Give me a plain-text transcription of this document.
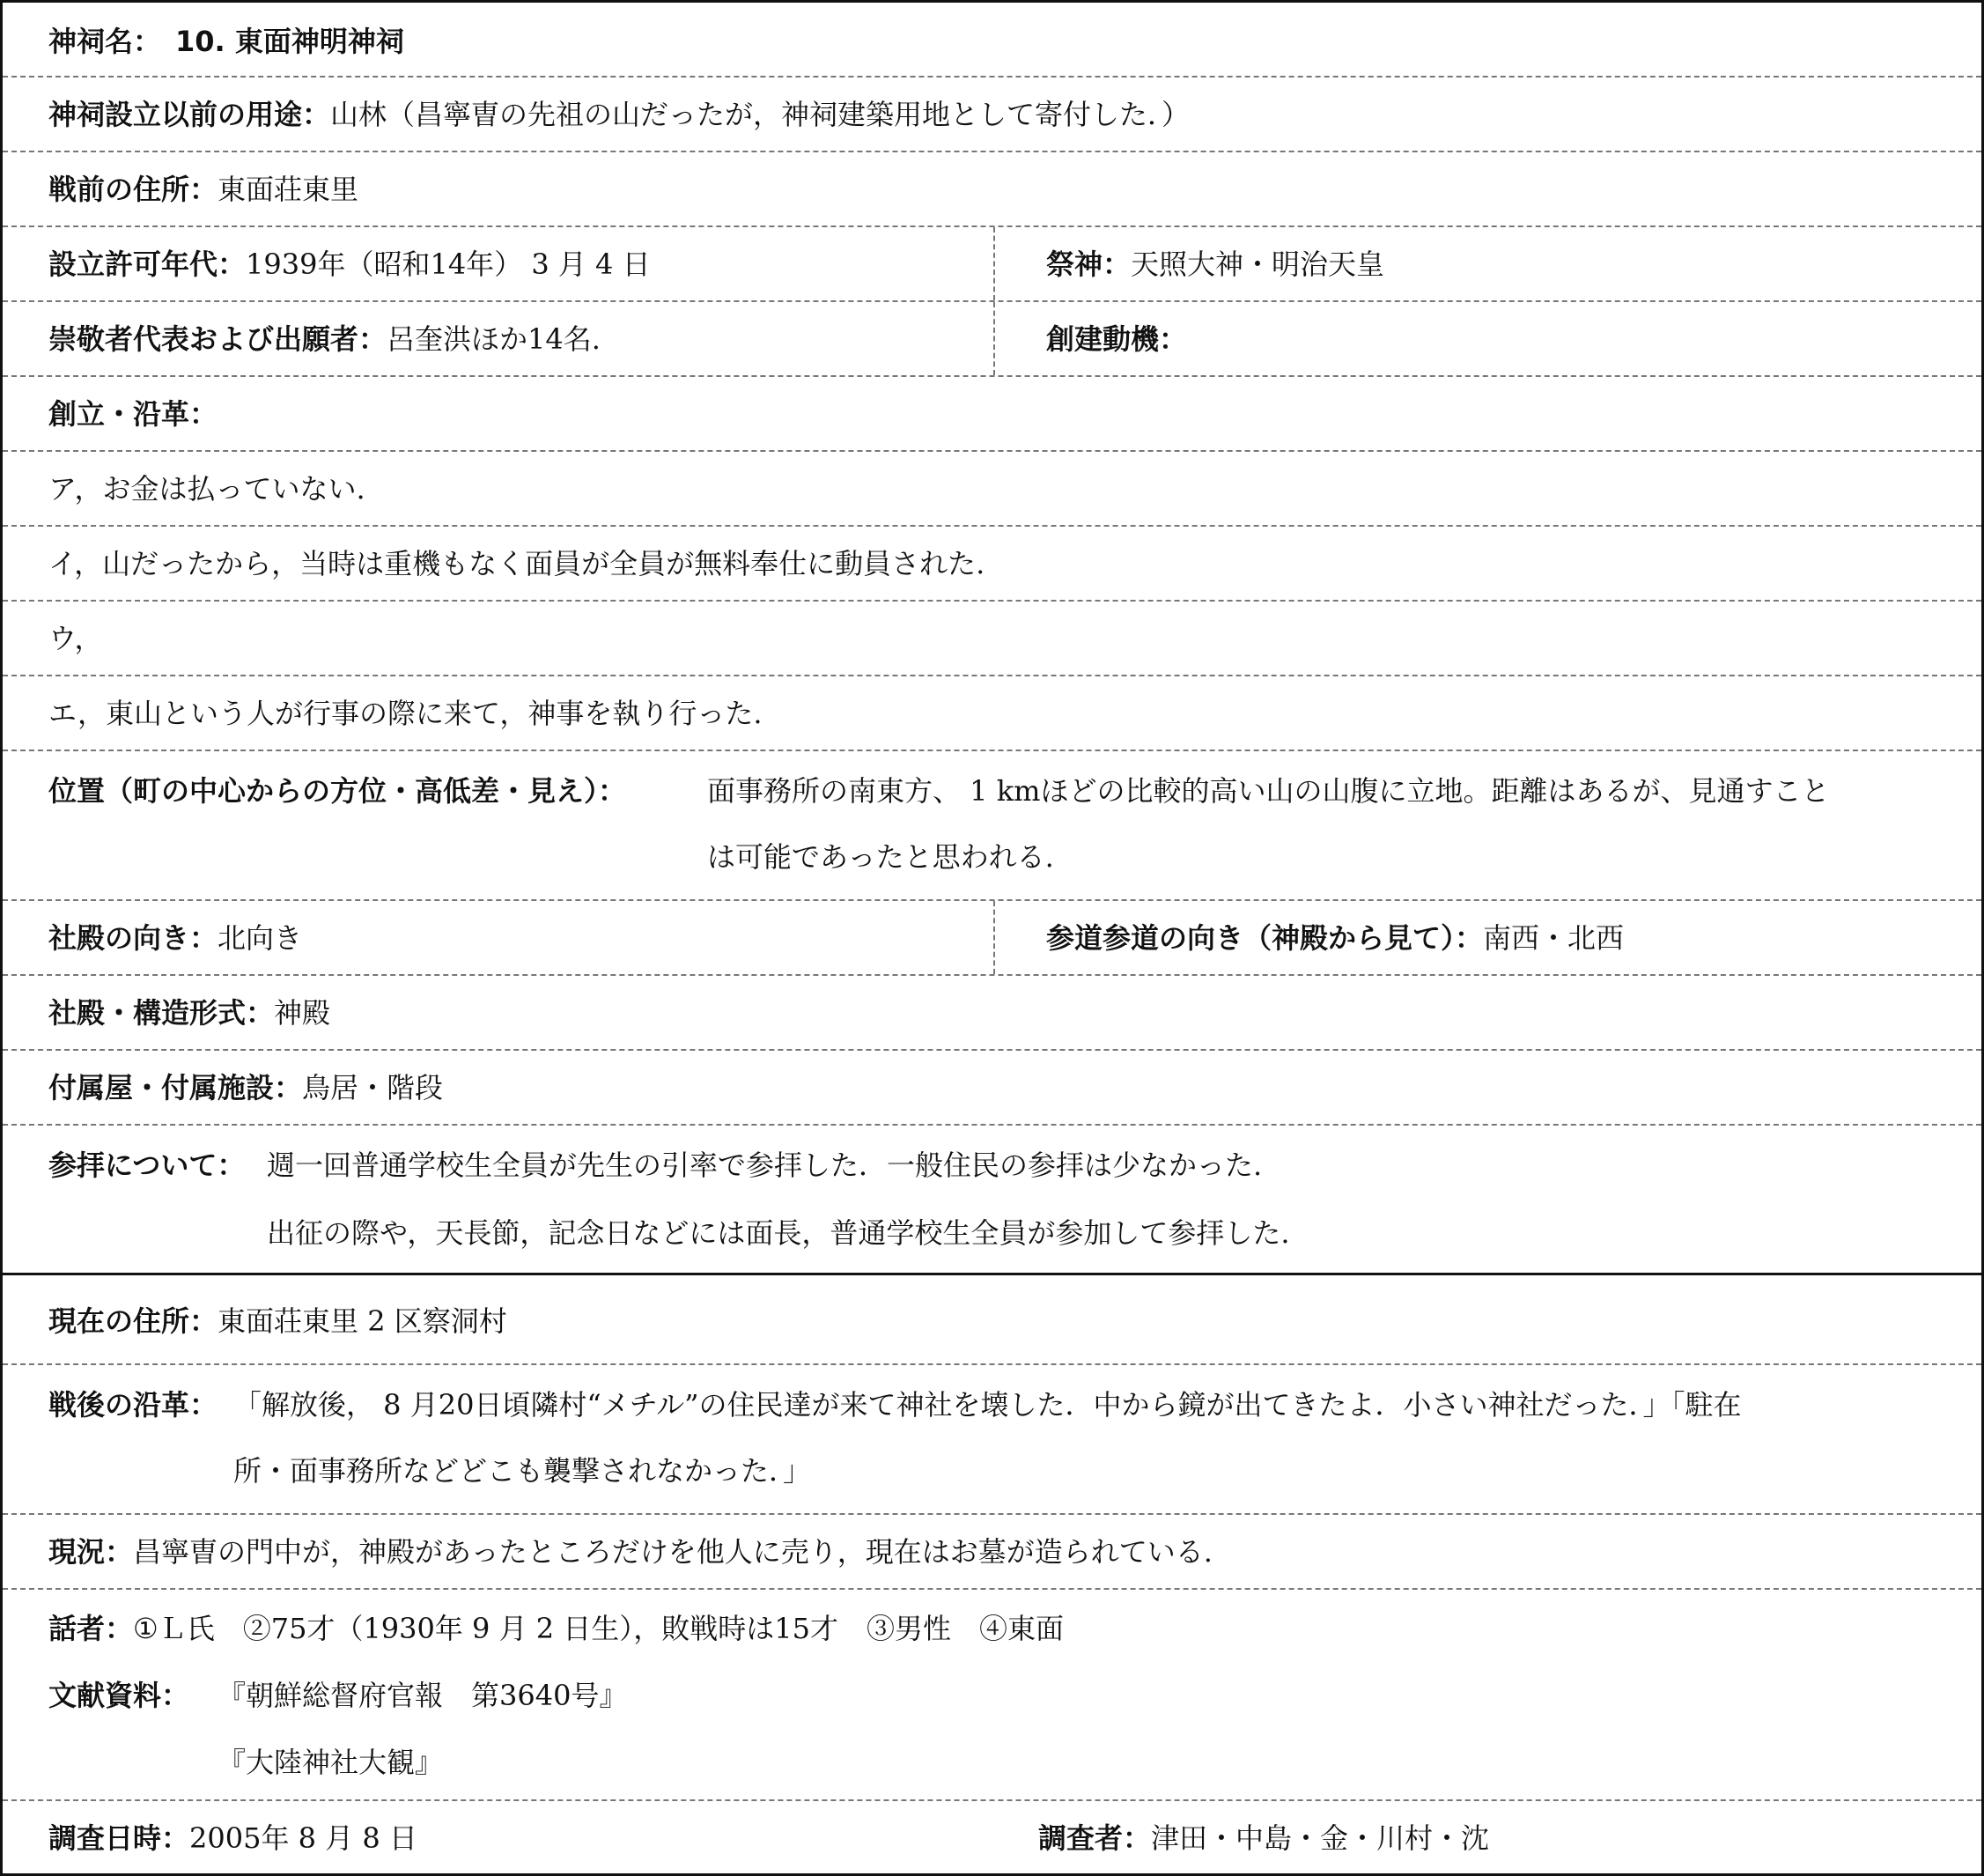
神祠名： 10. 東面神明神祠
神祠設立以前の用途：山林（昌寧曺の先祖の山だったが，神祠建築用地として寄付した．）
戦前の住所：東面荘東里
設立許可年代：1939年（昭和14年） 3 月 4 日	祭神：天照大神・明治天皇
崇敬者代表および出願者：呂奎洪ほか14名.	創建動機：
創立・沿革：
ア，お金は払っていない.
イ，山だったから，当時は重機もなく面員が全員が無料奉仕に動員された.
ウ，
エ，東山という人が行事の際に来て，神事を執り行った.
位置（町の中心からの方位・高低差・見え）：	面事務所の南東方、 1 kmほどの比較的高い山の山腹に立地。距離はあるが、見通すこと
は可能であったと思われる.
社殿の向き：北向き	参道参道の向き（神殿から見て）：南西・北西
社殿・構造形式：神殿
付属屋・付属施設：鳥居・階段
参拝について： 週一回普通学校生全員が先生の引率で参拝した．一般住民の参拝は少なかった.
出征の際や，天長節，記念日などには面長，普通学校生全員が参加して参拝した.
現在の住所：東面荘東里 2 区察洞村
戦後の沿革： 「解放後， 8 月20日頃隣村“メチル”の住民達が来て神社を壊した．中から鏡が出てきたよ．小さい神社だった．」「駐在
所・面事務所などどこも襲撃されなかった．」
現況：昌寧曺の門中が，神殿があったところだけを他人に売り，現在はお墓が造られている.
話者：①Ｌ氏　②75才（1930年 9 月 2 日生），敗戦時は15才　③男性　④東面
文献資料： 『朝鮮総督府官報　第3640号』
『大陸神社大観』
調査日時：2005年 8 月 8 日	調査者：津田・中島・金・川村・沈
